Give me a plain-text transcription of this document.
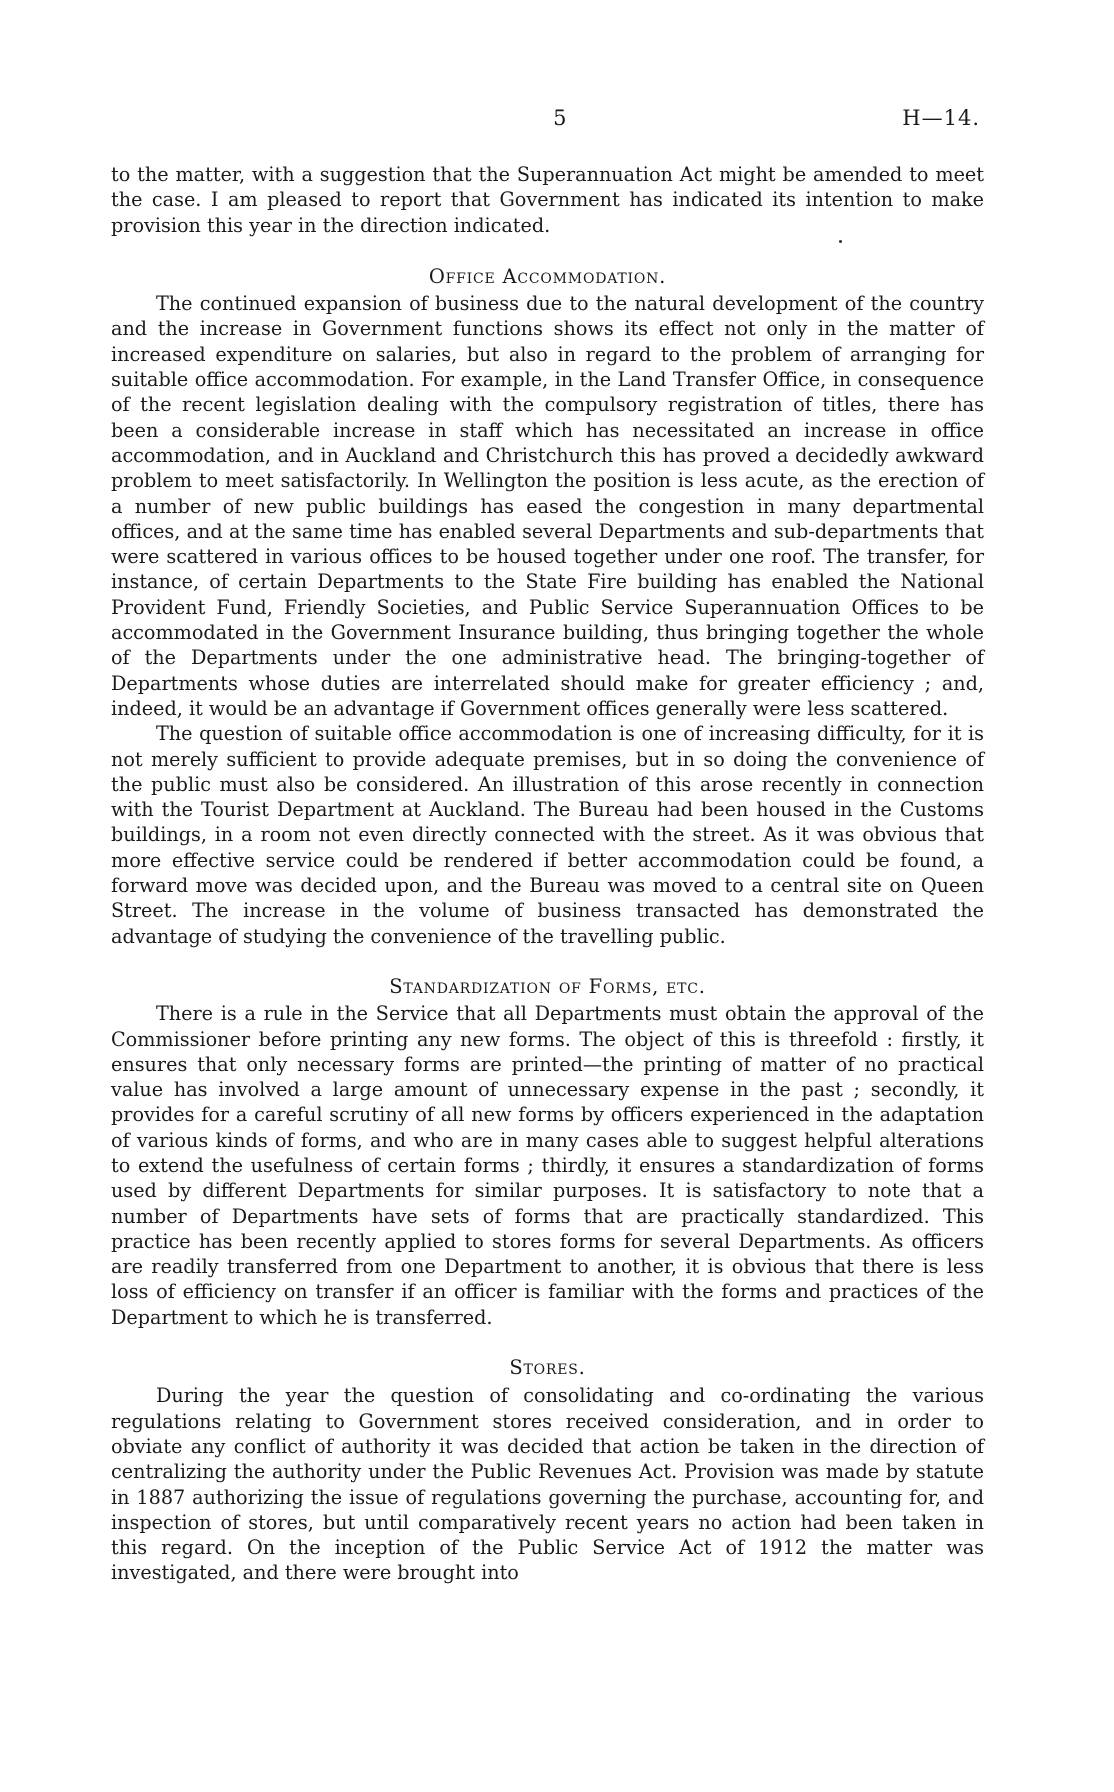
5	H—14.

to the matter, with a suggestion that the Superannuation Act might be amended to meet the case. I am pleased to report that Government has indicated its intention to make provision this year in the direction indicated.

Office Accommodation.

The continued expansion of business due to the natural development of the country and the increase in Government functions shows its effect not only in the matter of increased expenditure on salaries, but also in regard to the problem of arranging for suitable office accommodation. For example, in the Land Transfer Office, in consequence of the recent legislation dealing with the compulsory registration of titles, there has been a considerable increase in staff which has necessitated an increase in office accommodation, and in Auckland and Christchurch this has proved a decidedly awkward problem to meet satisfactorily. In Wellington the position is less acute, as the erection of a number of new public buildings has eased the congestion in many departmental offices, and at the same time has enabled several Departments and sub-departments that were scattered in various offices to be housed together under one roof. The transfer, for instance, of certain Departments to the State Fire building has enabled the National Provident Fund, Friendly Societies, and Public Service Superannuation Offices to be accommodated in the Government Insurance building, thus bringing together the whole of the Departments under the one administrative head. The bringing-together of Departments whose duties are interrelated should make for greater efficiency ; and, indeed, it would be an advantage if Government offices generally were less scattered.

The question of suitable office accommodation is one of increasing difficulty, for it is not merely sufficient to provide adequate premises, but in so doing the convenience of the public must also be considered. An illustration of this arose recently in connection with the Tourist Department at Auckland. The Bureau had been housed in the Customs buildings, in a room not even directly connected with the street. As it was obvious that more effective service could be rendered if better accommodation could be found, a forward move was decided upon, and the Bureau was moved to a central site on Queen Street. The increase in the volume of business transacted has demonstrated the advantage of studying the convenience of the travelling public.

Standardization of Forms, etc.

There is a rule in the Service that all Departments must obtain the approval of the Commissioner before printing any new forms. The object of this is threefold : firstly, it ensures that only necessary forms are printed—the printing of matter of no practical value has involved a large amount of unnecessary expense in the past ; secondly, it provides for a careful scrutiny of all new forms by officers experienced in the adaptation of various kinds of forms, and who are in many cases able to suggest helpful alterations to extend the usefulness of certain forms ; thirdly, it ensures a standardization of forms used by different Departments for similar purposes. It is satisfactory to note that a number of Departments have sets of forms that are practically standardized. This practice has been recently applied to stores forms for several Departments. As officers are readily transferred from one Department to another, it is obvious that there is less loss of efficiency on transfer if an officer is familiar with the forms and practices of the Department to which he is transferred.

Stores.

During the year the question of consolidating and co-ordinating the various regulations relating to Government stores received consideration, and in order to obviate any conflict of authority it was decided that action be taken in the direction of centralizing the authority under the Public Revenues Act. Provision was made by statute in 1887 authorizing the issue of regulations governing the purchase, accounting for, and inspection of stores, but until comparatively recent years no action had been taken in this regard. On the inception of the Public Service Act of 1912 the matter was investigated, and there were brought into
